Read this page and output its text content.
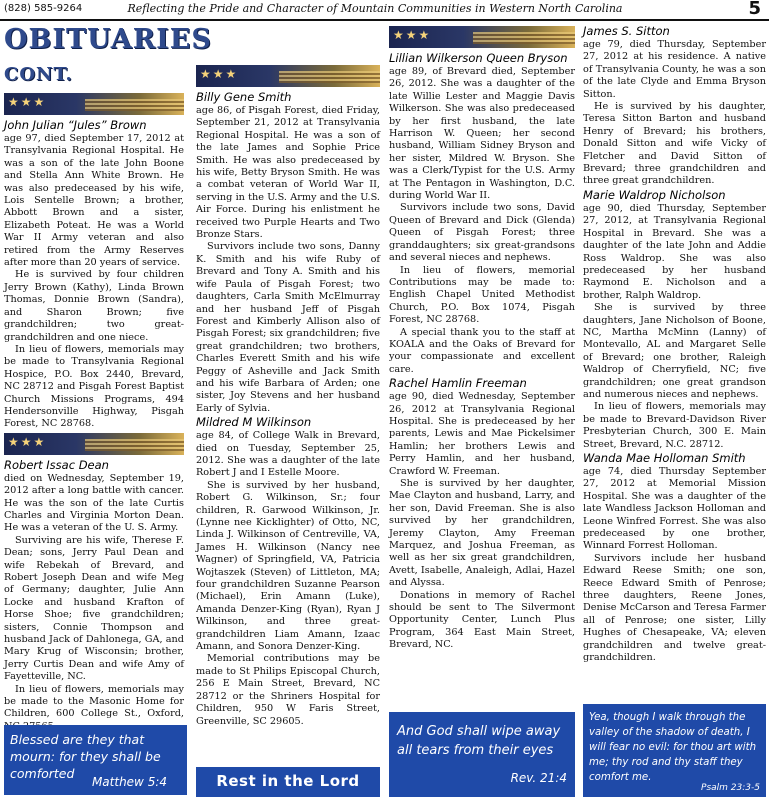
(828) 585-9264	Reflecting the Pride and Character of Mountain Communities in Western North Carolina	5
OBITUARIES CONT.
★★★
John Julian “Jules” Brown

age 97, died September 17, 2012 at Transylvania Regional Hospital. He was a son of the late John Boone and Stella Ann White Brown. He was also predeceased by his wife, Lois Sentelle Brown; a brother, Abbott Brown and a sister, Elizabeth Poteat. He was a World War II Army veteran and also retired from the Army Reserves after more than 20 years of service.

He is survived by four children Jerry Brown (Kathy), Linda Brown Thomas, Donnie Brown (Sandra), and Sharon Brown; five grandchildren; two great-grandchildren and one niece.

In lieu of flowers, memorials may be made to Transylvania Regional Hospice, P.O. Box 2440, Brevard, NC 28712 and Pisgah Forest Baptist Church Missions Programs, 494 Hendersonville Highway, Pisgah Forest, NC 28768.

★★★
Robert Issac Dean

died on Wednesday, September 19, 2012 after a long battle with cancer. He was the son of the late Curtis Charles and Virginia Morton Dean. He was a veteran of the U. S. Army.

Surviving are his wife, Therese F. Dean; sons, Jerry Paul Dean and wife Rebekah of Brevard, and Robert Joseph Dean and wife Meg of Germany; daughter, Julie Ann Locke and husband Krafton of Horse Shoe; five grandchildren; sisters, Connie Thompson and husband Jack of Dahlonega, GA, and Mary Krug of Wisconsin; brother, Jerry Curtis Dean and wife Amy of Fayetteville, NC.

In lieu of flowers, memorials may be made to the Masonic Home for Children, 600 College St., Oxford,

★★★
Billy Gene Smith

age 86, of Pisgah Forest, died Friday, September 21, 2012 at Transylvania Regional Hospital. He was a son of the late James and Sophie Price Smith. He was also predeceased by his wife, Betty Bryson Smith. He was a combat veteran of World War II, serving in the U.S. Army and the U.S. Air Force. During his enlistment he received two Purple Hearts and Two Bronze Stars.

Survivors include two sons, Danny K. Smith and his wife Ruby of Brevard and Tony A. Smith and his wife Paula of Pisgah Forest; two daughters, Carla Smith McElmurray and her husband Jeff of Pisgah Forest and Kimberly Allison also of Pisgah Forest; six grandchildren; five great grandchildren; two brothers, Charles Everett Smith and his wife Peggy of Asheville and Jack Smith and his wife Barbara of Arden; one sister, Joy Stevens and her husband Early of Sylvia.

Mildred M Wilkinson

age 84, of College Walk in Brevard, died on Tuesday, September 25, 2012. She was a daughter of the late Robert J and I Estelle Moore.

She is survived by her husband, Robert G. Wilkinson, Sr.; four children, R. Garwood Wilkinson, Jr. (Lynne nee Kicklighter) of Otto, NC, Linda J. Wilkinson of Centreville, VA, James H. Wilkinson (Nancy nee Wagner) of Springfield, VA, Patricia Wojtaszek (Steven) of Littleton, MA; four grandchildren Suzanne Pearson (Michael), Erin Amann (Luke), Amanda Denzer-King (Ryan), Ryan J Wilkinson, and three great-grandchildren Liam Amann, Izaac Amann, and Sonora Denzer-King.

Memorial contributions may be made to St Philips Episcopal Church, 256 E Main Street, Brevard, NC 28712 or the Shriners Hospital for Children, 950 W Faris Street, Greenville, SC 29605.

★★★
Lillian Wilkerson Queen Bryson

age 89, of Brevard died, September 26, 2012. She was a daughter of the late Willie Lester and Maggie Davis Wilkerson. She was also predeceased by her first husband, the late Harrison W. Queen; her second husband, William Sidney Bryson and her sister, Mildred W. Bryson. She was a Clerk/Typist for the U.S. Army at The Pentagon in Washington, D.C. during World War II.

Survivors include two sons, David Queen of Brevard and Dick (Glenda) Queen of Pisgah Forest; three granddaughters; six great-grandsons and several nieces and nephews.

In lieu of flowers, memorial Contributions may be made to: English Chapel United Methodist Church, P.O. Box 1074, Pisgah Forest, NC 28768.

A special thank you to the staff at KOALA and the Oaks of Brevard for your compassionate and excellent care.

Rachel Hamlin Freeman

age 90, died Wednesday, September 26, 2012 at Transylvania Regional Hospital. She is predeceased by her parents, Lewis and Mae Pickelsimer Hamlin; her brothers Lewis and Perry Hamlin, and her husband, Crawford W. Freeman.

She is survived by her daughter, Mae Clayton and husband, Larry, and her son, David Freeman. She is also survived by her grandchildren, Jeremy Clayton, Amy Freeman Marquez, and Joshua Freeman, as well as her six great grandchildren, Avett, Isabelle, Analeigh, Adlai, Hazel and Alyssa.

Donations in memory of Rachel should be sent to The Silvermont Opportunity Center, Lunch Plus Program, 364 East Main Street, Brevard, NC.

James S. Sitton

age 79, died Thursday, September 27, 2012 at his residence. A native of Transylvania County, he was a son of the late Clyde and Emma Bryson Sitton.

He is survived by his daughter, Teresa Sitton Barton and husband Henry of Brevard; his brothers, Donald Sitton and wife Vicky of Fletcher and David Sitton of Brevard; three grandchildren and three great grandchildren.

Marie Waldrop Nicholson

age 90, died Thursday, September 27, 2012, at Transylvania Regional Hospital in Brevard. She was a daughter of the late John and Addie Ross Waldrop. She was also predeceased by her husband Raymond E. Nicholson and a brother, Ralph Waldrop.

She is survived by three daughters, Jane Nicholson of Boone, NC, Martha McMinn (Lanny) of Montevallo, AL and Margaret Selle of Brevard; one brother, Raleigh Waldrop of Cherryfield, NC; five grandchildren; one great grandson and numerous nieces and nephews.

In lieu of flowers, memorials may be made to Brevard-Davidson River Presbyterian Church, 300 E. Main Street, Brevard, N.C. 28712.

Wanda Mae Holloman Smith

age 74, died Thursday September 27, 2012 at Memorial Mission Hospital. She was a daughter of the late Wandless Jackson Holloman and Leone Winfred Forrest. She was also predeceased by one brother, Winnard Forrest Holloman.

Survivors include her husband Edward Reese Smith; one son, Reece Edward Smith of Penrose; three daughters, Reene Jones, Denise McCarson and Teresa Farmer all of Penrose; one sister, Lilly Hughes of Chesapeake, VA; eleven grandchildren and twelve great-grandchildren.

Blessed are they that mourn: for they shall be comforted
Matthew 5:4	Rest in the Lord
And God shall wipe away all tears from their eyes
Rev. 21:4
Yea, though I walk through the valley of the shadow of death, I will fear no evil: for thou art with me; thy rod and thy staff they comfort me.
Psalm 23:3-5
